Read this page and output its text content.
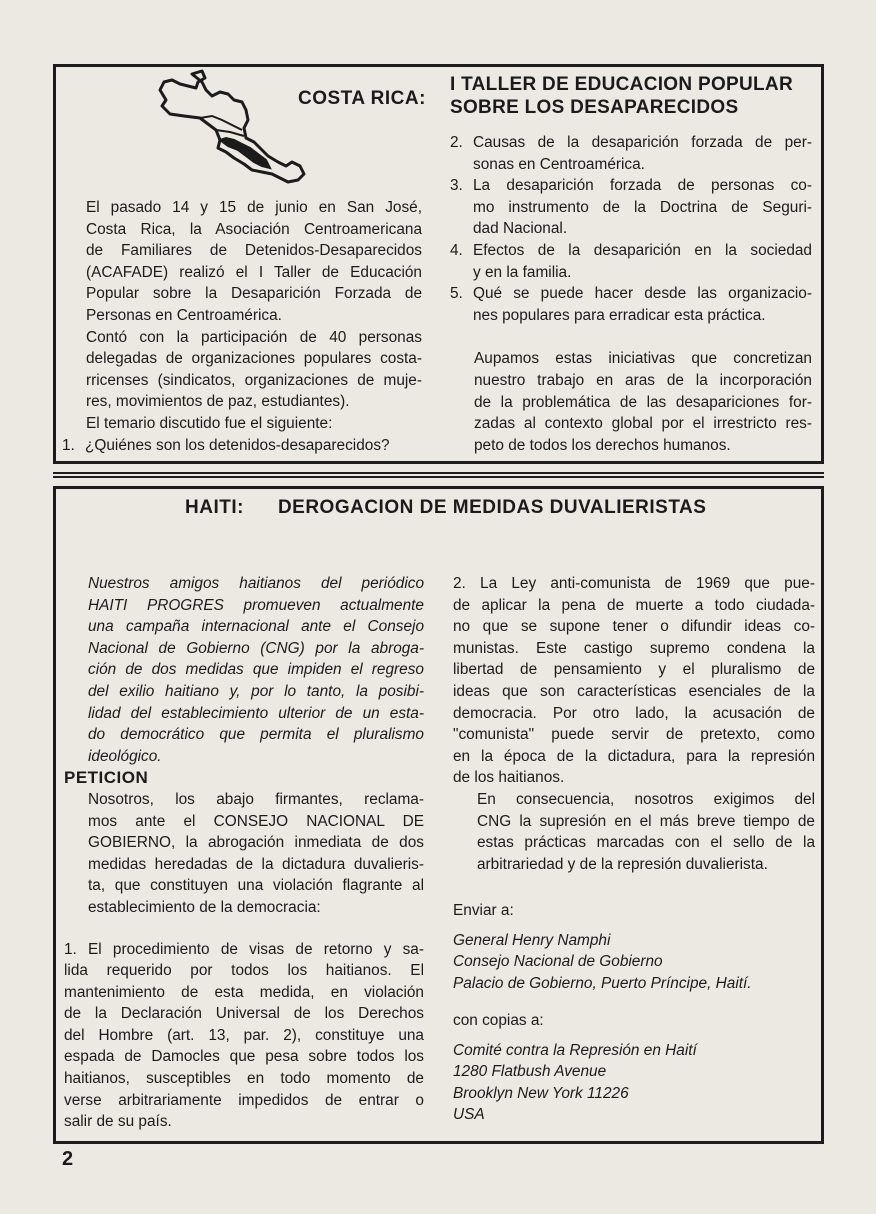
COSTA RICA:
I TALLER DE EDUCACION POPULAR
SOBRE LOS DESAPARECIDOS

El pasado 14 y 15 de junio en San José,
Costa Rica, la Asociación Centroamericana
de Familiares de Detenidos-Desaparecidos
(ACAFADE) realizó el I Taller de Educación
Popular sobre la Desaparición Forzada de
Personas en Centroamérica.

Contó con la participación de 40 personas
delegadas de organizaciones populares costa-
rricenses (sindicatos, organizaciones de muje-
res, movimientos de paz, estudiantes).

El temario discutido fue el siguiente:

1. ¿Quiénes son los detenidos-desaparecidos?
2. Causas de la desaparición forzada de per-
sonas en Centroamérica.
3. La desaparición forzada de personas co-
mo instrumento de la Doctrina de Seguri-
dad Nacional.
4. Efectos de la desaparición en la sociedad
y en la familia.
5. Qué se puede hacer desde las organizacio-
nes populares para erradicar esta práctica.

Aupamos estas iniciativas que concretizan
nuestro trabajo en aras de la incorporación
de la problemática de las desapariciones for-
zadas al contexto global por el irrestricto res-
peto de todos los derechos humanos.

HAITI: DEROGACION DE MEDIDAS DUVALIERISTAS

Nuestros amigos haitianos del periódico
HAITI PROGRES promueven actualmente
una campaña internacional ante el Consejo
Nacional de Gobierno (CNG) por la abroga-
ción de dos medidas que impiden el regreso
del exilio haitiano y, por lo tanto, la posibi-
lidad del establecimiento ulterior de un esta-
do democrático que permita el pluralismo
ideológico.

PETICION

Nosotros, los abajo firmantes, reclama-
mos ante el CONSEJO NACIONAL DE
GOBIERNO, la abrogación inmediata de dos
medidas heredadas de la dictadura duvalieris-
ta, que constituyen una violación flagrante al
establecimiento de la democracia:

1. El procedimiento de visas de retorno y sa-
lida requerido por todos los haitianos. El
mantenimiento de esta medida, en violación
de la Declaración Universal de los Derechos
del Hombre (art. 13, par. 2), constituye una
espada de Damocles que pesa sobre todos los
haitianos, susceptibles en todo momento de
verse arbitrariamente impedidos de entrar o
salir de su país.

2. La Ley anti-comunista de 1969 que pue-
de aplicar la pena de muerte a todo ciudada-
no que se supone tener o difundir ideas co-
munistas. Este castigo supremo condena la
libertad de pensamiento y el pluralismo de
ideas que son características esenciales de la
democracia. Por otro lado, la acusación de
"comunista" puede servir de pretexto, como
en la época de la dictadura, para la represión
de los haitianos.

En consecuencia, nosotros exigimos del
CNG la supresión en el más breve tiempo de
estas prácticas marcadas con el sello de la
arbitrariedad y de la represión duvalierista.

Enviar a:
General Henry Namphi
Consejo Nacional de Gobierno
Palacio de Gobierno, Puerto Príncipe, Haití.
con copias a:
Comité contra la Represión en Haití
1280 Flatbush Avenue
Brooklyn New York 11226
USA
2
